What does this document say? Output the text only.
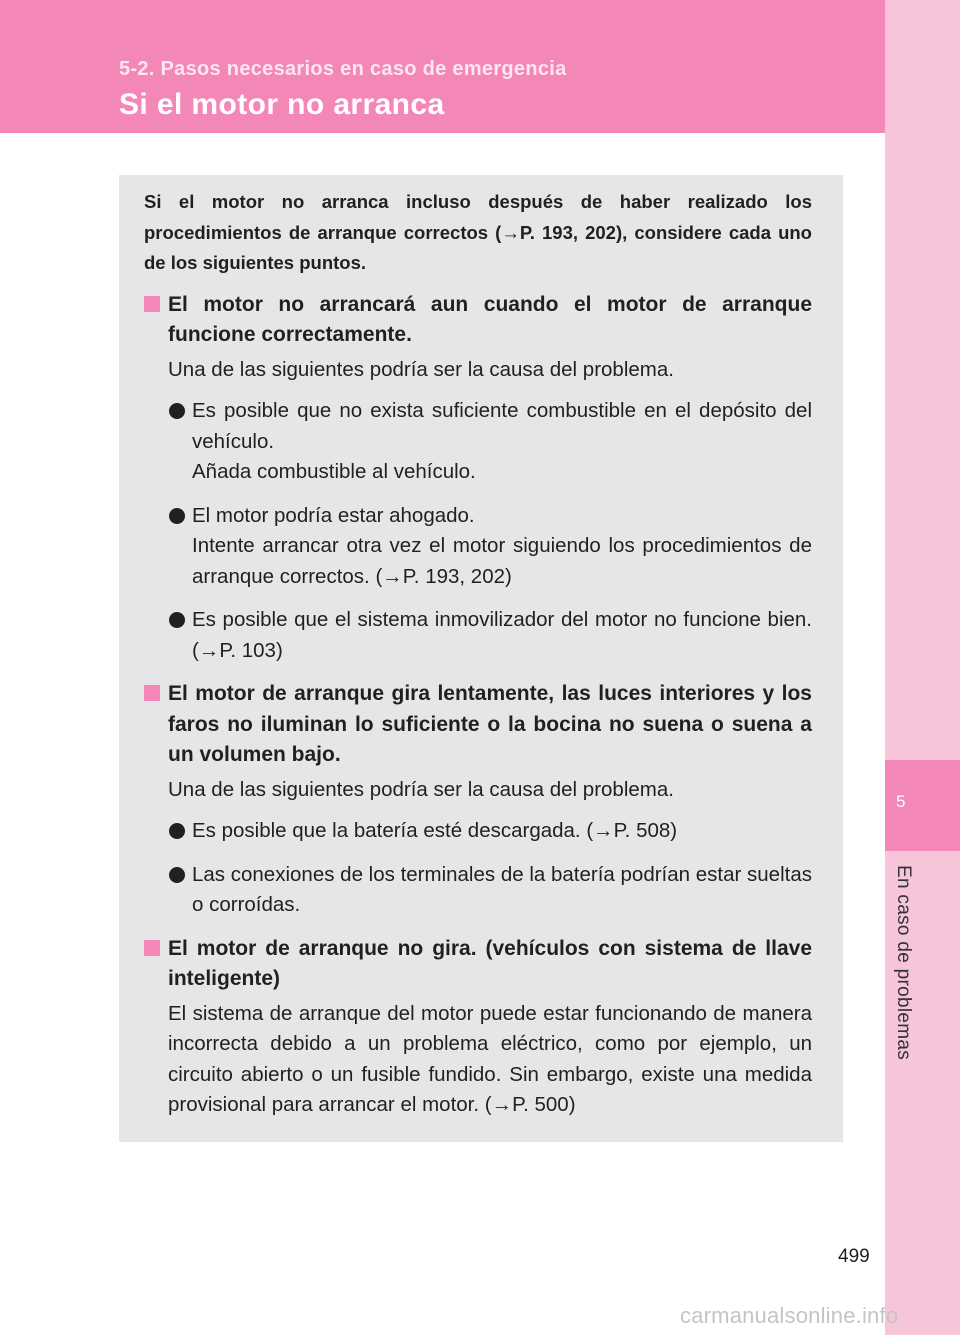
5-2. Pasos necesarios en caso de emergencia
Si el motor no arranca
5
En caso de problemas

Si el motor no arranca incluso después de haber realizado los procedimientos de arranque correctos (→P. 193, 202), considere cada uno de los siguientes puntos.

El motor no arrancará aun cuando el motor de arranque funcione correctamente.

Una de las siguientes podría ser la causa del problema.

Es posible que no exista suficiente combustible en el depósito del vehículo.
Añada combustible al vehículo.
El motor podría estar ahogado.
Intente arrancar otra vez el motor siguiendo los procedimientos de arranque correctos. (→P. 193, 202)
Es posible que el sistema inmovilizador del motor no funcione bien. (→P. 103)

El motor de arranque gira lentamente, las luces interiores y los faros no iluminan lo suficiente o la bocina no suena o suena a un volumen bajo.

Una de las siguientes podría ser la causa del problema.

Es posible que la batería esté descargada. (→P. 508)
Las conexiones de los terminales de la batería podrían estar sueltas o corroídas.

El motor de arranque no gira. (vehículos con sistema de llave inteligente)

El sistema de arranque del motor puede estar funcionando de manera incorrecta debido a un problema eléctrico, como por ejemplo, un circuito abierto o un fusible fundido. Sin embargo, existe una medida provisional para arrancar el motor. (→P. 500)

499
carmanualsonline.info
